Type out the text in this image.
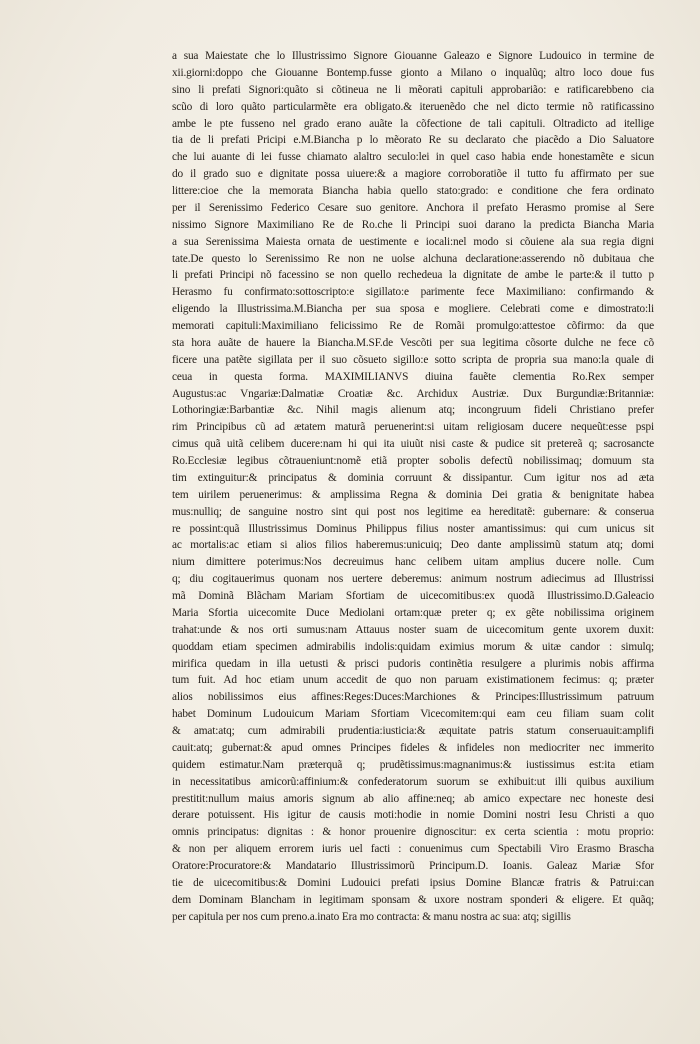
a sua Maiestate che lo Illustrissimo Signore Giouanne Galeazo e Signore Ludouico in termine de
xii.giorni:doppo che Giouanne Bontemp.fusse gionto a Milano o inqualũq; altro loco doue fus
sino li prefati Signori:quãto si cõtineua ne li mẽorati capituli approbarião: e ratificarebbeno cia
scũo di loro quãto particularmẽte era obligato.& iteruenẽdo che nel dicto termie nõ ratificassino
ambe le pte fusseno nel grado erano auãte la cõfectione de tali capituli. Oltradicto ad itellige
tia de li prefati Pricipi e.M.Biancha p lo mẽorato Re su declarato che piacẽdo a Dio Saluatore
che lui auante di lei fusse chiamato alaltro seculo:lei in quel caso habia ende honestamẽte e sicun
do il grado suo e dignitate possa uiuere:& a magiore corroboratiõe il tutto fu affirmato per sue
littere:cioe che la memorata Biancha habia quello stato:grado: e conditione che fera ordinato
per il Serenissimo Federico Cesare suo genitore. Anchora il prefato Herasmo promise al Sere
nissimo Signore Maximiliano Re de Ro.che li Principi suoi darano la predicta Biancha Maria
a sua Serenissima Maiesta ornata de uestimente e iocali:nel modo si cõuiene ala sua regia digni
tate.De questo lo Serenissimo Re non ne uolse alchuna declaratione:asserendo nõ dubitaua che
li prefati Principi nõ facessino se non quello rechedeua la dignitate de ambe le parte:& il tutto p
Herasmo fu confirmato:sottoscripto:e sigillato:e parimente fece Maximiliano: confirmando &
eligendo la Illustrissima.M.Biancha per sua sposa e mogliere. Celebrati come e dimostrato:li
memorati capituli:Maximiliano felicissimo Re de Romãi promulgo:attestoe cõfirmo: da que
sta hora auãte de hauere la Biancha.M.SF.de Vescõti per sua legitima cõsorte dulche ne fece cõ
ficere una patẽte sigillata per il suo cõsueto sigillo:e sotto scripta de propria sua mano:la quale di
ceua in questa forma. MAXIMILIANVS diuina fauẽte clementia Ro.Rex semper
Augustus:ac Vngariæ:Dalmatiæ Croatiæ &c. Archidux Austriæ. Dux Burgundiæ:Britanniæ:
Lothoringiæ:Barbantiæ &c. Nihil magis alienum atq; incongruum fideli Christiano prefer
rim Principibus cũ ad ætatem maturã peruenerint:si uitam religiosam ducere nequeũt:esse pspi
cimus quã uitã celibem ducere:nam hi qui ita uiuũt nisi caste & pudice sit pretereã q; sacrosancte
Ro.Ecclesiæ legibus cõtraueniunt:nomẽ etiã propter sobolis defectũ nobilissimaq; domuum sta
tim extinguitur:& principatus & dominia corruunt & dissipantur. Cum igitur nos ad æta
tem uirilem peruenerimus: & amplissima Regna & dominia Dei gratia & benignitate habea
mus:nulliq; de sanguine nostro sint qui post nos legitime ea hereditatẽ: gubernare: & conserua
re possint:quã Illustrissimus Dominus Philippus filius noster amantissimus: qui cum unicus sit
ac mortalis:ac etiam si alios filios haberemus:unicuiq; Deo dante amplissimũ statum atq; domi
nium dimittere poterimus:Nos decreuimus hanc celibem uitam amplius ducere nolle. Cum
q; diu cogitauerimus quonam nos uertere deberemus: animum nostrum adiecimus ad Illustrissi
mã Dominã Blãcham Mariam Sfortiam de uicecomitibus:ex quodã Illustrissimo.D.Galeacio
Maria Sfortia uicecomite Duce Mediolani ortam:quæ preter q; ex gẽte nobilissima originem
trahat:unde & nos orti sumus:nam Attauus noster suam de uicecomitum gente uxorem duxit:
quoddam etiam specimen admirabilis indolis:quidam eximius morum & uitæ candor : simulq;
mirifica quedam in illa uetusti & prisci pudoris continẽtia resulgere a plurimis nobis affirma
tum fuit. Ad hoc etiam unum accedit de quo non paruam existimationem fecimus: q; præter
alios nobilissimos eius affines:Reges:Duces:Marchiones & Principes:Illustrissimum patruum
habet Dominum Ludouicum Mariam Sfortiam Vicecomitem:qui eam ceu filiam suam colit
& amat:atq; cum admirabili prudentia:iusticia:& æquitate patris statum conseruauit:amplifi
cauit:atq; gubernat:& apud omnes Principes fideles & infideles non mediocriter nec immerito
quidem estimatur.Nam præterquã q; prudẽtissimus:magnanimus:& iustissimus est:ita etiam
in necessitatibus amicorũ:affinium:& confederatorum suorum se exhibuit:ut illi quibus auxilium
prestitit:nullum maius amoris signum ab alio affine:neq; ab amico expectare nec honeste desi
derare potuissent. His igitur de causis moti:hodie in nomie Domini nostri Iesu Christi a quo
omnis principatus: dignitas : & honor prouenire dignoscitur: ex certa scientia : motu proprio:
& non per aliquem errorem iuris uel facti : conuenimus cum Spectabili Viro Erasmo Brascha
Oratore:Procuratore:& Mandatario Illustrissimorũ Principum.D. Ioanis. Galeaz Mariæ Sfor
tie de uicecomitibus:& Domini Ludouici prefati ipsius Domine Blancæ fratris & Patrui:can
dem Dominam Blancham in legitimam sponsam & uxore nostram sponderi & eligere. Et quãq;
per capitula per nos cum preno.a.inato Era mo contracta: & manu nostra ac sua: atq; sigillis
